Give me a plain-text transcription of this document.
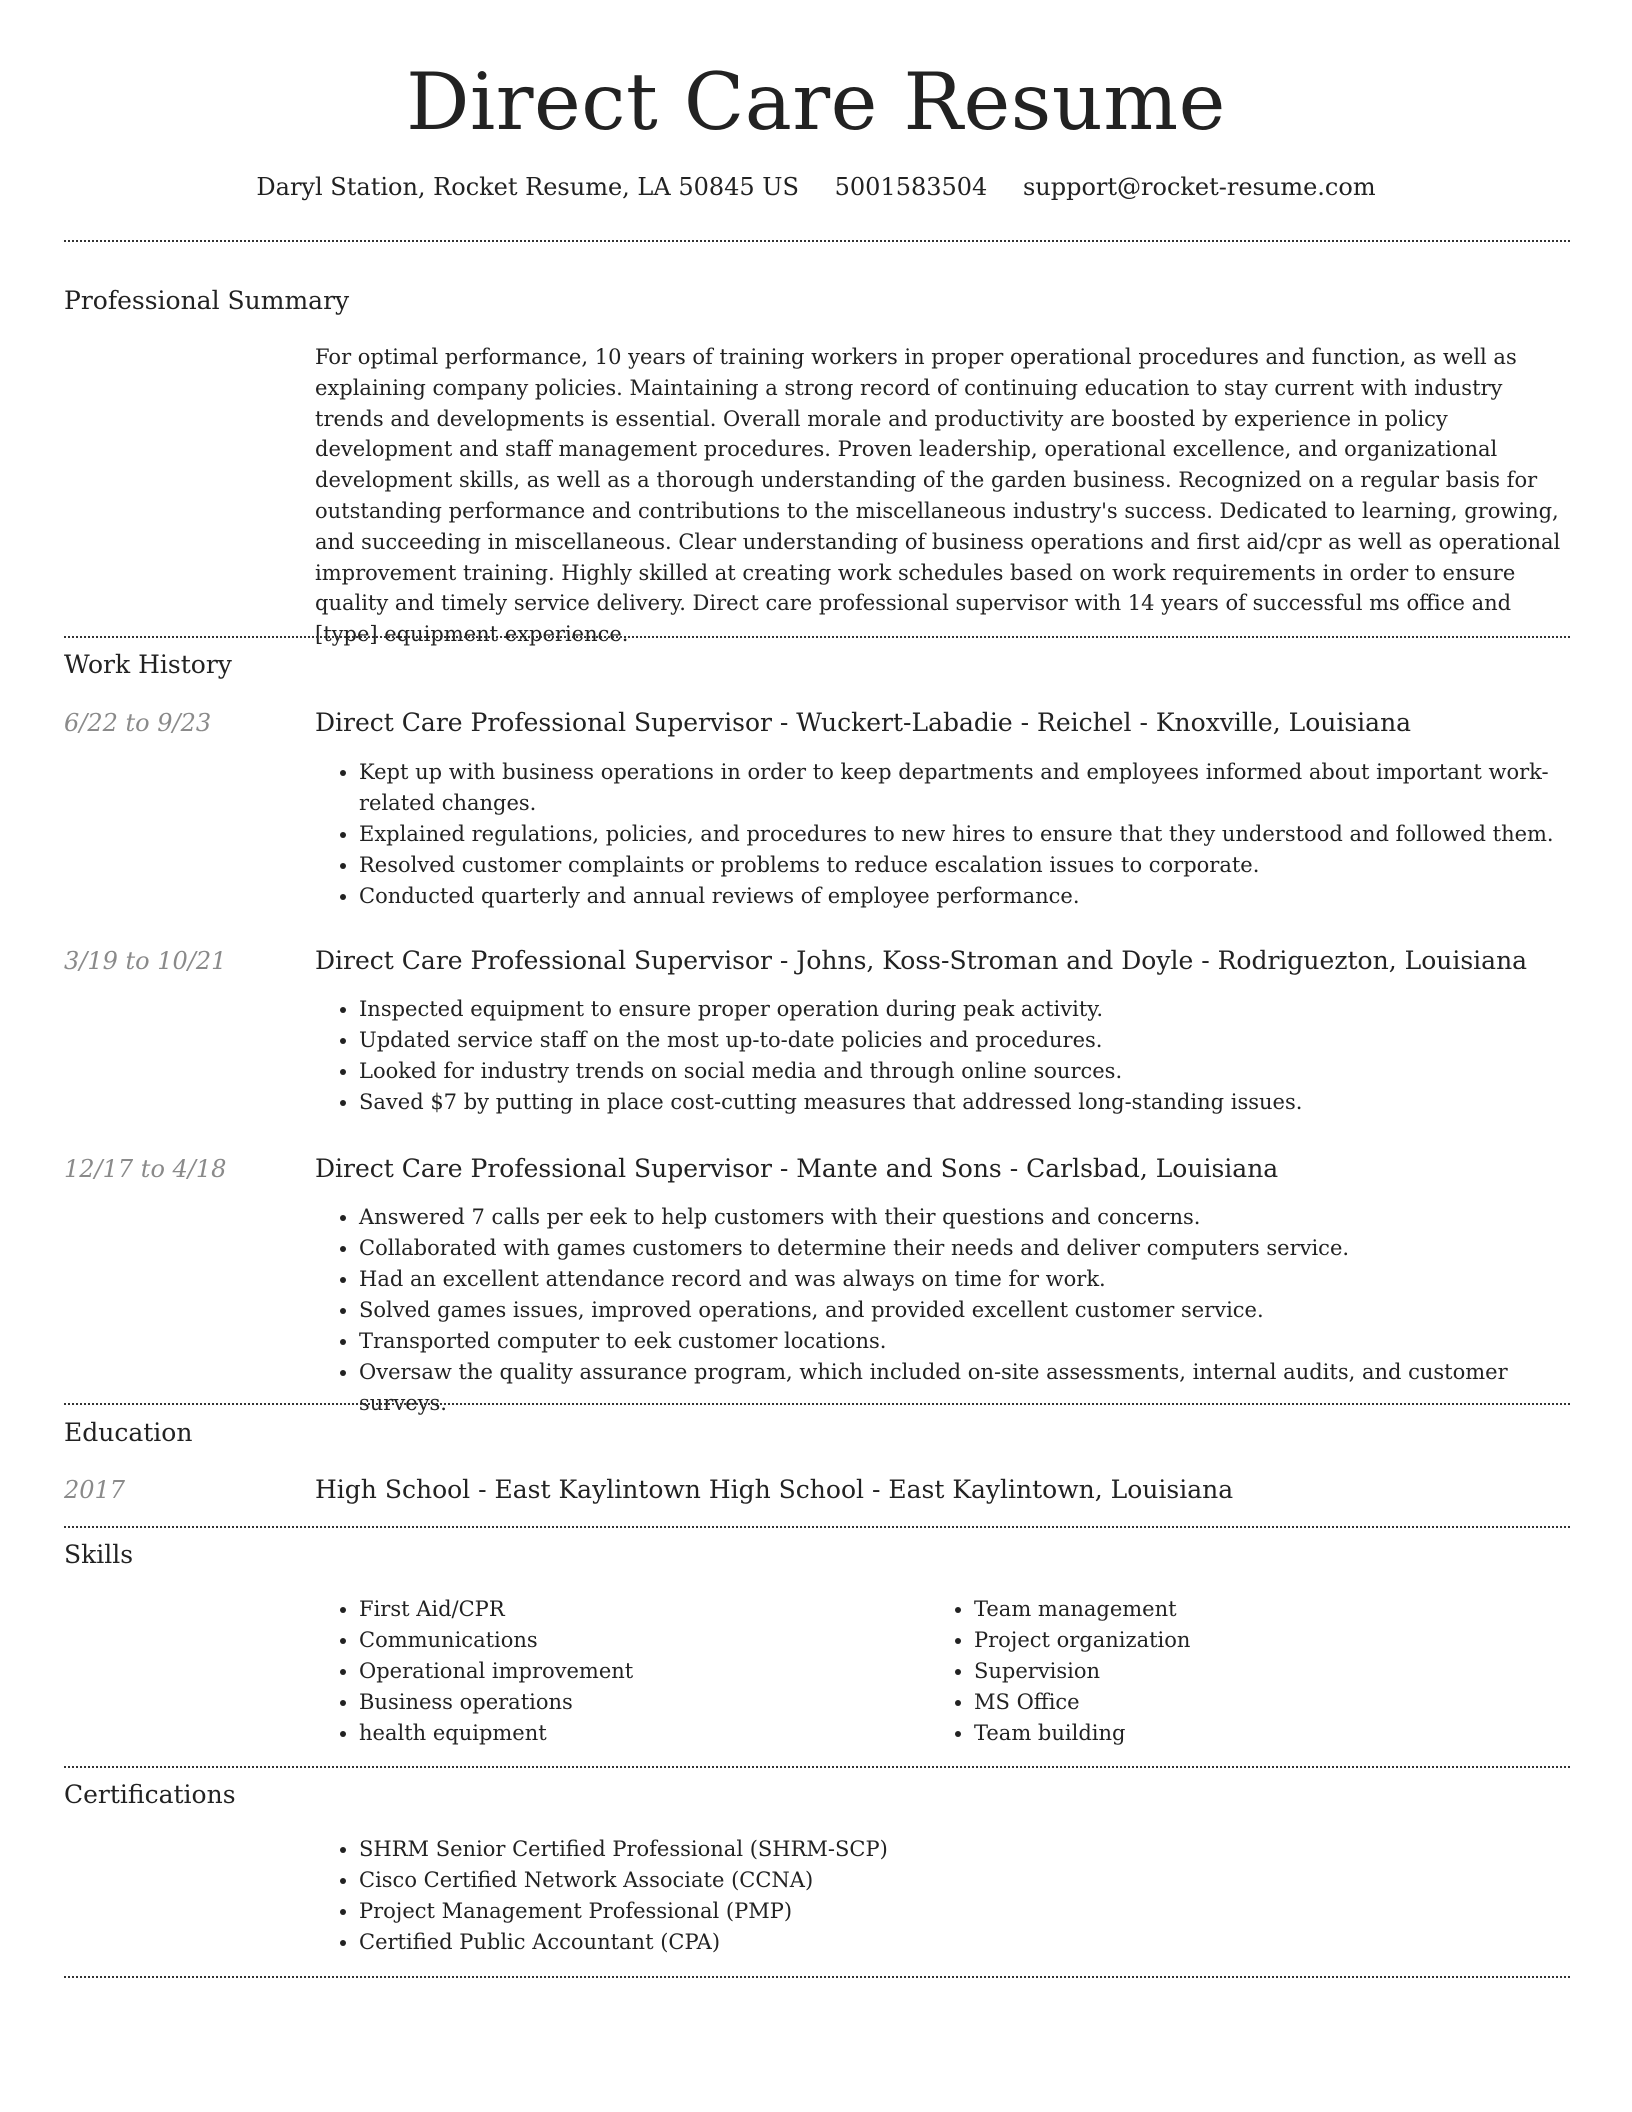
Direct Care Resume
Daryl Station, Rocket Resume, LA 50845 US 5001583504 support@rocket-resume.com
Professional Summary

For optimal performance, 10 years of training workers in proper operational procedures and function, as well as explaining company policies. Maintaining a strong record of continuing education to stay current with industry trends and developments is essential. Overall morale and productivity are boosted by experience in policy development and staff management procedures. Proven leadership, operational excellence, and organizational development skills, as well as a thorough understanding of the garden business. Recognized on a regular basis for outstanding performance and contributions to the miscellaneous industry's success. Dedicated to learning, growing, and succeeding in miscellaneous. Clear understanding of business operations and first aid/cpr as well as operational improvement training. Highly skilled at creating work schedules based on work requirements in order to ensure quality and timely service delivery. Direct care professional supervisor with 14 years of successful ms office and [type] equipment experience.

Work History
6/22 to 9/23	Direct Care Professional Supervisor - Wuckert-Labadie - Reichel - Knoxville, Louisiana
• Kept up with business operations in order to keep departments and employees informed about important work-related changes.
• Explained regulations, policies, and procedures to new hires to ensure that they understood and followed them.
• Resolved customer complaints or problems to reduce escalation issues to corporate.
• Conducted quarterly and annual reviews of employee performance.
3/19 to 10/21	Direct Care Professional Supervisor - Johns, Koss-Stroman and Doyle - Rodriguezton, Louisiana
• Inspected equipment to ensure proper operation during peak activity.
• Updated service staff on the most up-to-date policies and procedures.
• Looked for industry trends on social media and through online sources.
• Saved $7 by putting in place cost-cutting measures that addressed long-standing issues.
12/17 to 4/18	Direct Care Professional Supervisor - Mante and Sons - Carlsbad, Louisiana
• Answered 7 calls per eek to help customers with their questions and concerns.
• Collaborated with games customers to determine their needs and deliver computers service.
• Had an excellent attendance record and was always on time for work.
• Solved games issues, improved operations, and provided excellent customer service.
• Transported computer to eek customer locations.
• Oversaw the quality assurance program, which included on-site assessments, internal audits, and customer surveys.
Education
2017	High School - East Kaylintown High School - East Kaylintown, Louisiana
Skills
• First Aid/CPR
• Communications
• Operational improvement
• Business operations
• health equipment
• Team management
• Project organization
• Supervision
• MS Office
• Team building
Certifications
• SHRM Senior Certified Professional (SHRM-SCP)
• Cisco Certified Network Associate (CCNA)
• Project Management Professional (PMP)
• Certified Public Accountant (CPA)
